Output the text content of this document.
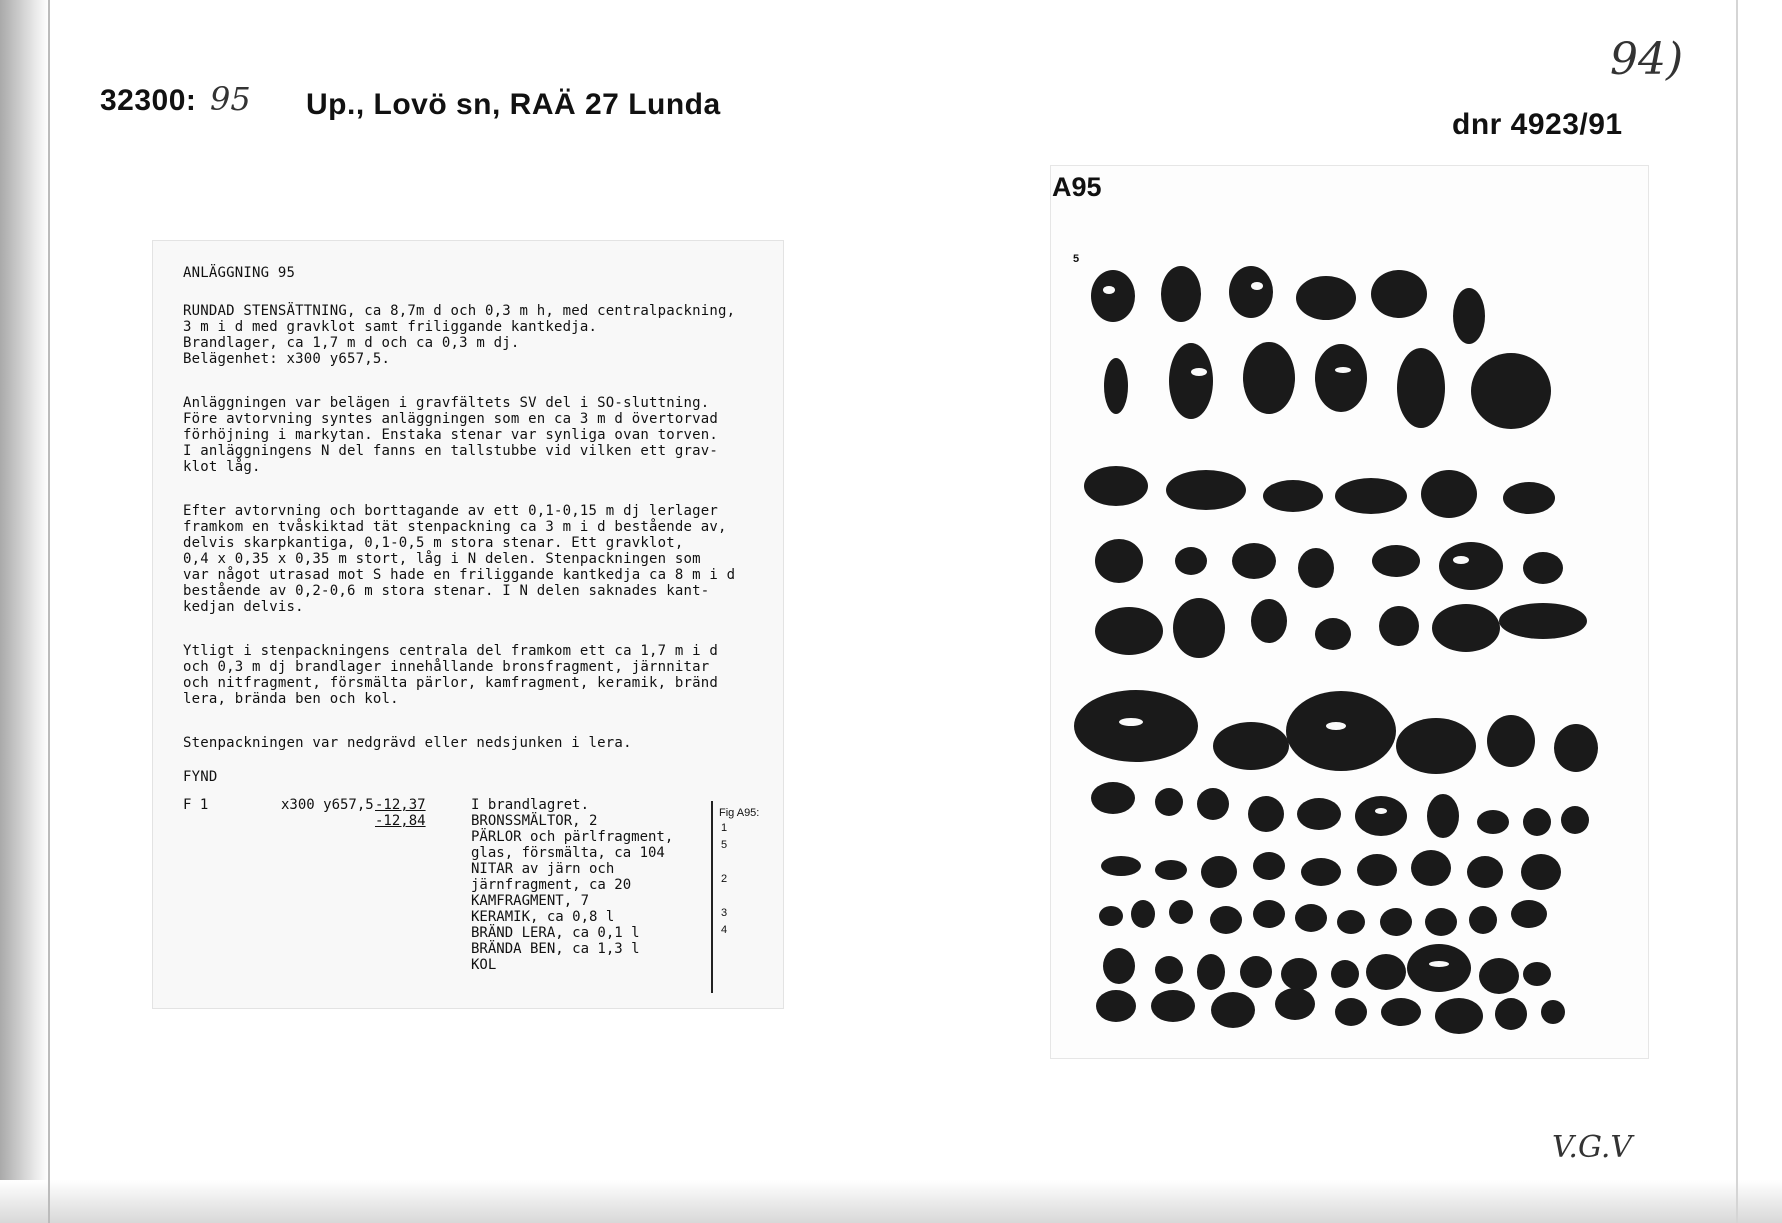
32300: 95 Up., Lovö sn, RAÄ 27 Lunda
dnr 4923/91
94)

ANLÄGGNING 95

RUNDAD STENSÄTTNING, ca 8,7m d och 0,3 m h, med centralpackning,

3 m i d med gravklot samt friliggande kantkedja.

Brandlager, ca 1,7 m d och ca 0,3 m dj.

Belägenhet: x300 y657,5.

Anläggningen var belägen i gravfältets SV del i SO-sluttning.

Före avtorvning syntes anläggningen som en ca 3 m d övertorvad

förhöjning i markytan. Enstaka stenar var synliga ovan torven.

I anläggningens N del fanns en tallstubbe vid vilken ett grav-

klot låg.

Efter avtorvning och borttagande av ett 0,1-0,15 m dj lerlager

framkom en tvåskiktad tät stenpackning ca 3 m i d bestående av,

delvis skarpkantiga, 0,1-0,5 m stora stenar. Ett gravklot,

0,4 x 0,35 x 0,35 m stort, låg i N delen. Stenpackningen som

var något utrasad mot S hade en friliggande kantkedja ca 8 m i d

bestående av 0,2-0,6 m stora stenar. I N delen saknades kant-

kedjan delvis.

Ytligt i stenpackningens centrala del framkom ett ca 1,7 m i d

och 0,3 m dj brandlager innehållande bronsfragment, järnnitar

och nitfragment, försmälta pärlor, kamfragment, keramik, bränd

lera, brända ben och kol.

Stenpackningen var nedgrävd eller nedsjunken i lera.

FYND

F 1	x300 y657,5 -12,37
-12,84
I brandlagret.
BRONSSMÄLTOR, 2
PÄRLOR och pärlfragment,
glas, försmälta, ca 104
NITAR av järn och
järnfragment, ca 20
KAMFRAGMENT, 7
KERAMIK, ca 0,8 l
BRÄND LERA, ca 0,1 l
BRÄNDA BEN, ca 1,3 l
KOL
Fig A95:

1
5

2

3
4
A95
5
V.G.V
